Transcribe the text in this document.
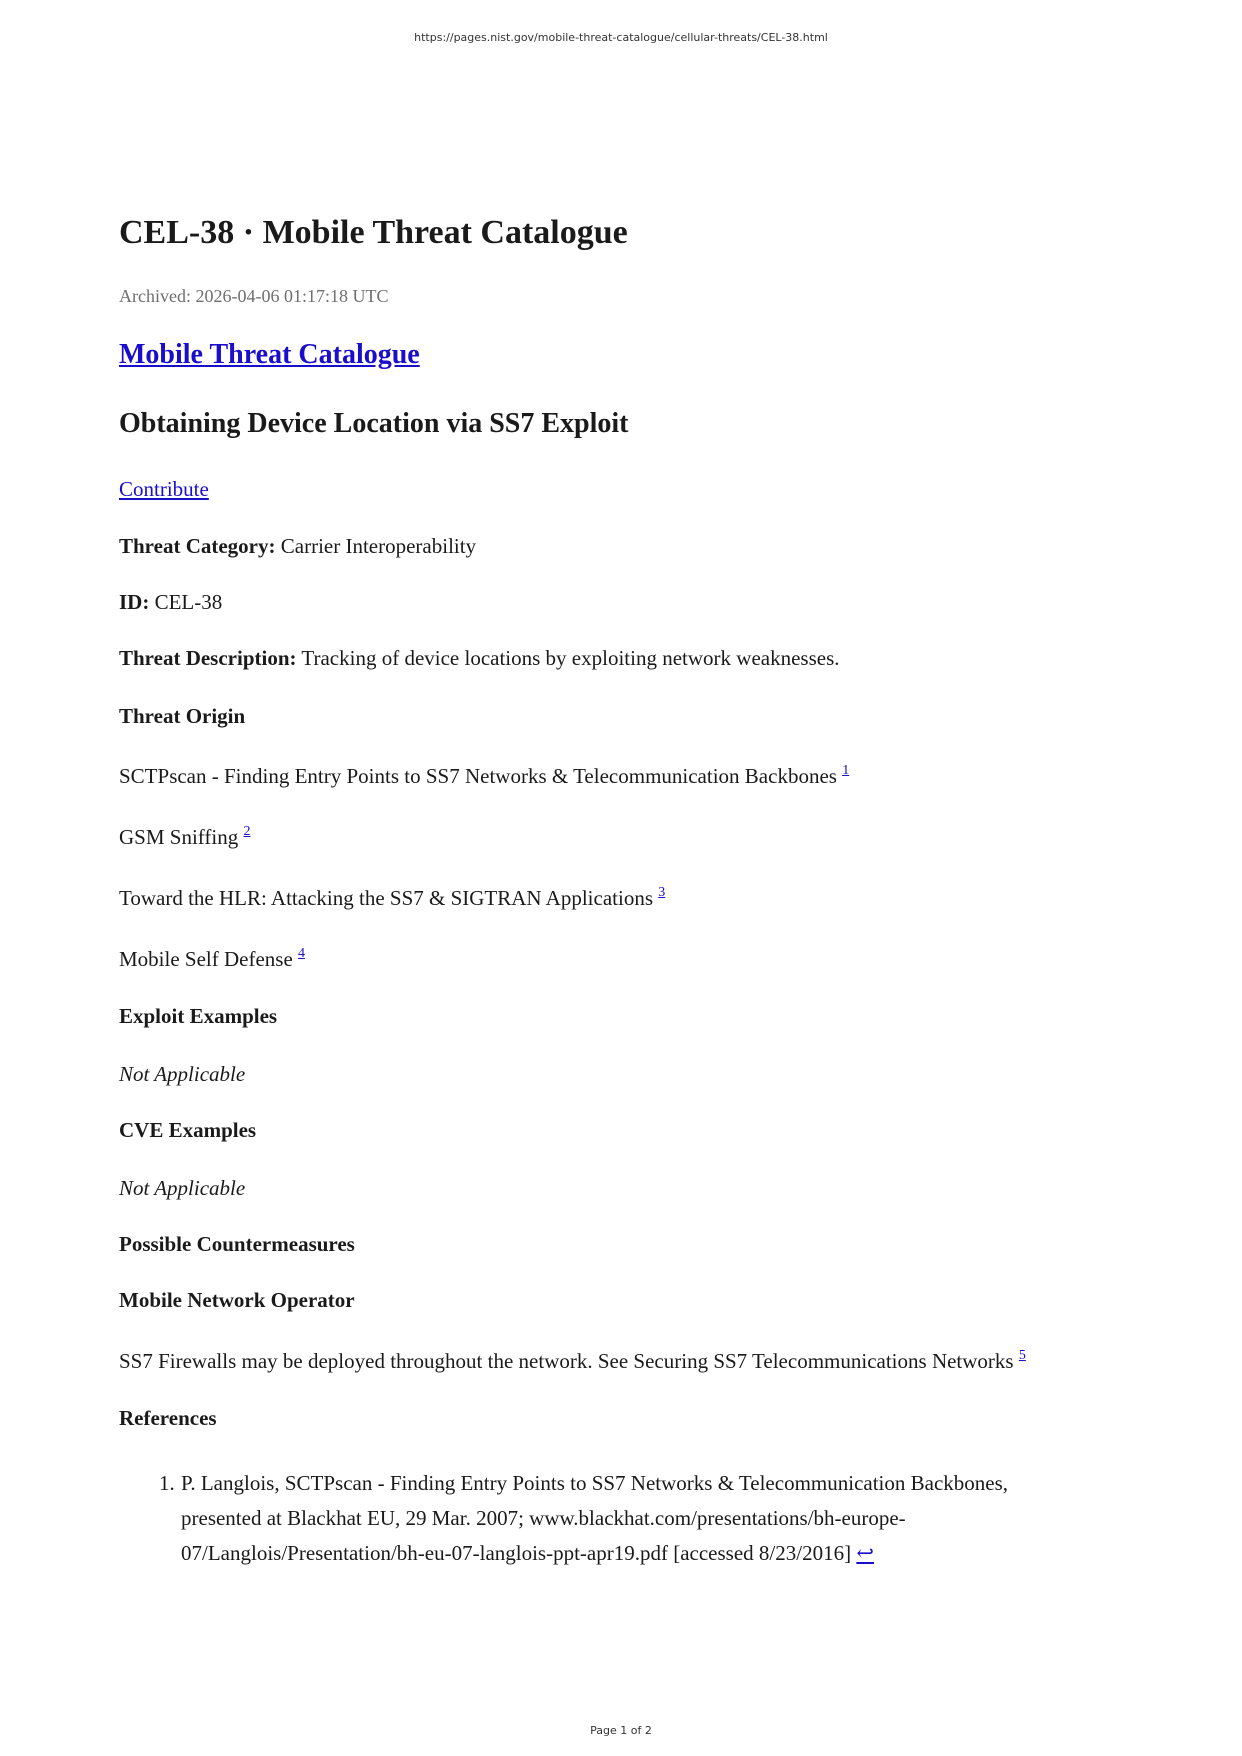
https://pages.nist.gov/mobile-threat-catalogue/cellular-threats/CEL-38.html
CEL-38 · Mobile Threat Catalogue
Archived: 2026-04-06 01:17:18 UTC
Mobile Threat Catalogue
Obtaining Device Location via SS7 Exploit
Contribute
Threat Category: Carrier Interoperability
ID: CEL-38
Threat Description: Tracking of device locations by exploiting network weaknesses.
Threat Origin
SCTPscan - Finding Entry Points to SS7 Networks & Telecommunication Backbones $^1$
GSM Sniffing $^2$
Toward the HLR: Attacking the SS7 & SIGTRAN Applications $^3$
Mobile Self Defense $^4$
Exploit Examples
Not Applicable
CVE Examples
Not Applicable
Possible Countermeasures
Mobile Network Operator
SS7 Firewalls may be deployed throughout the network. See Securing SS7 Telecommunications Networks $^5$
References
1. P. Langlois, SCTPscan - Finding Entry Points to SS7 Networks & Telecommunication Backbones,
presented at Blackhat EU, 29 Mar. 2007; www.blackhat.com/presentations/bh-europe-
07/Langlois/Presentation/bh-eu-07-langlois-ppt-apr19.pdf [accessed 8/23/2016] ↩
Page 1 of 2
